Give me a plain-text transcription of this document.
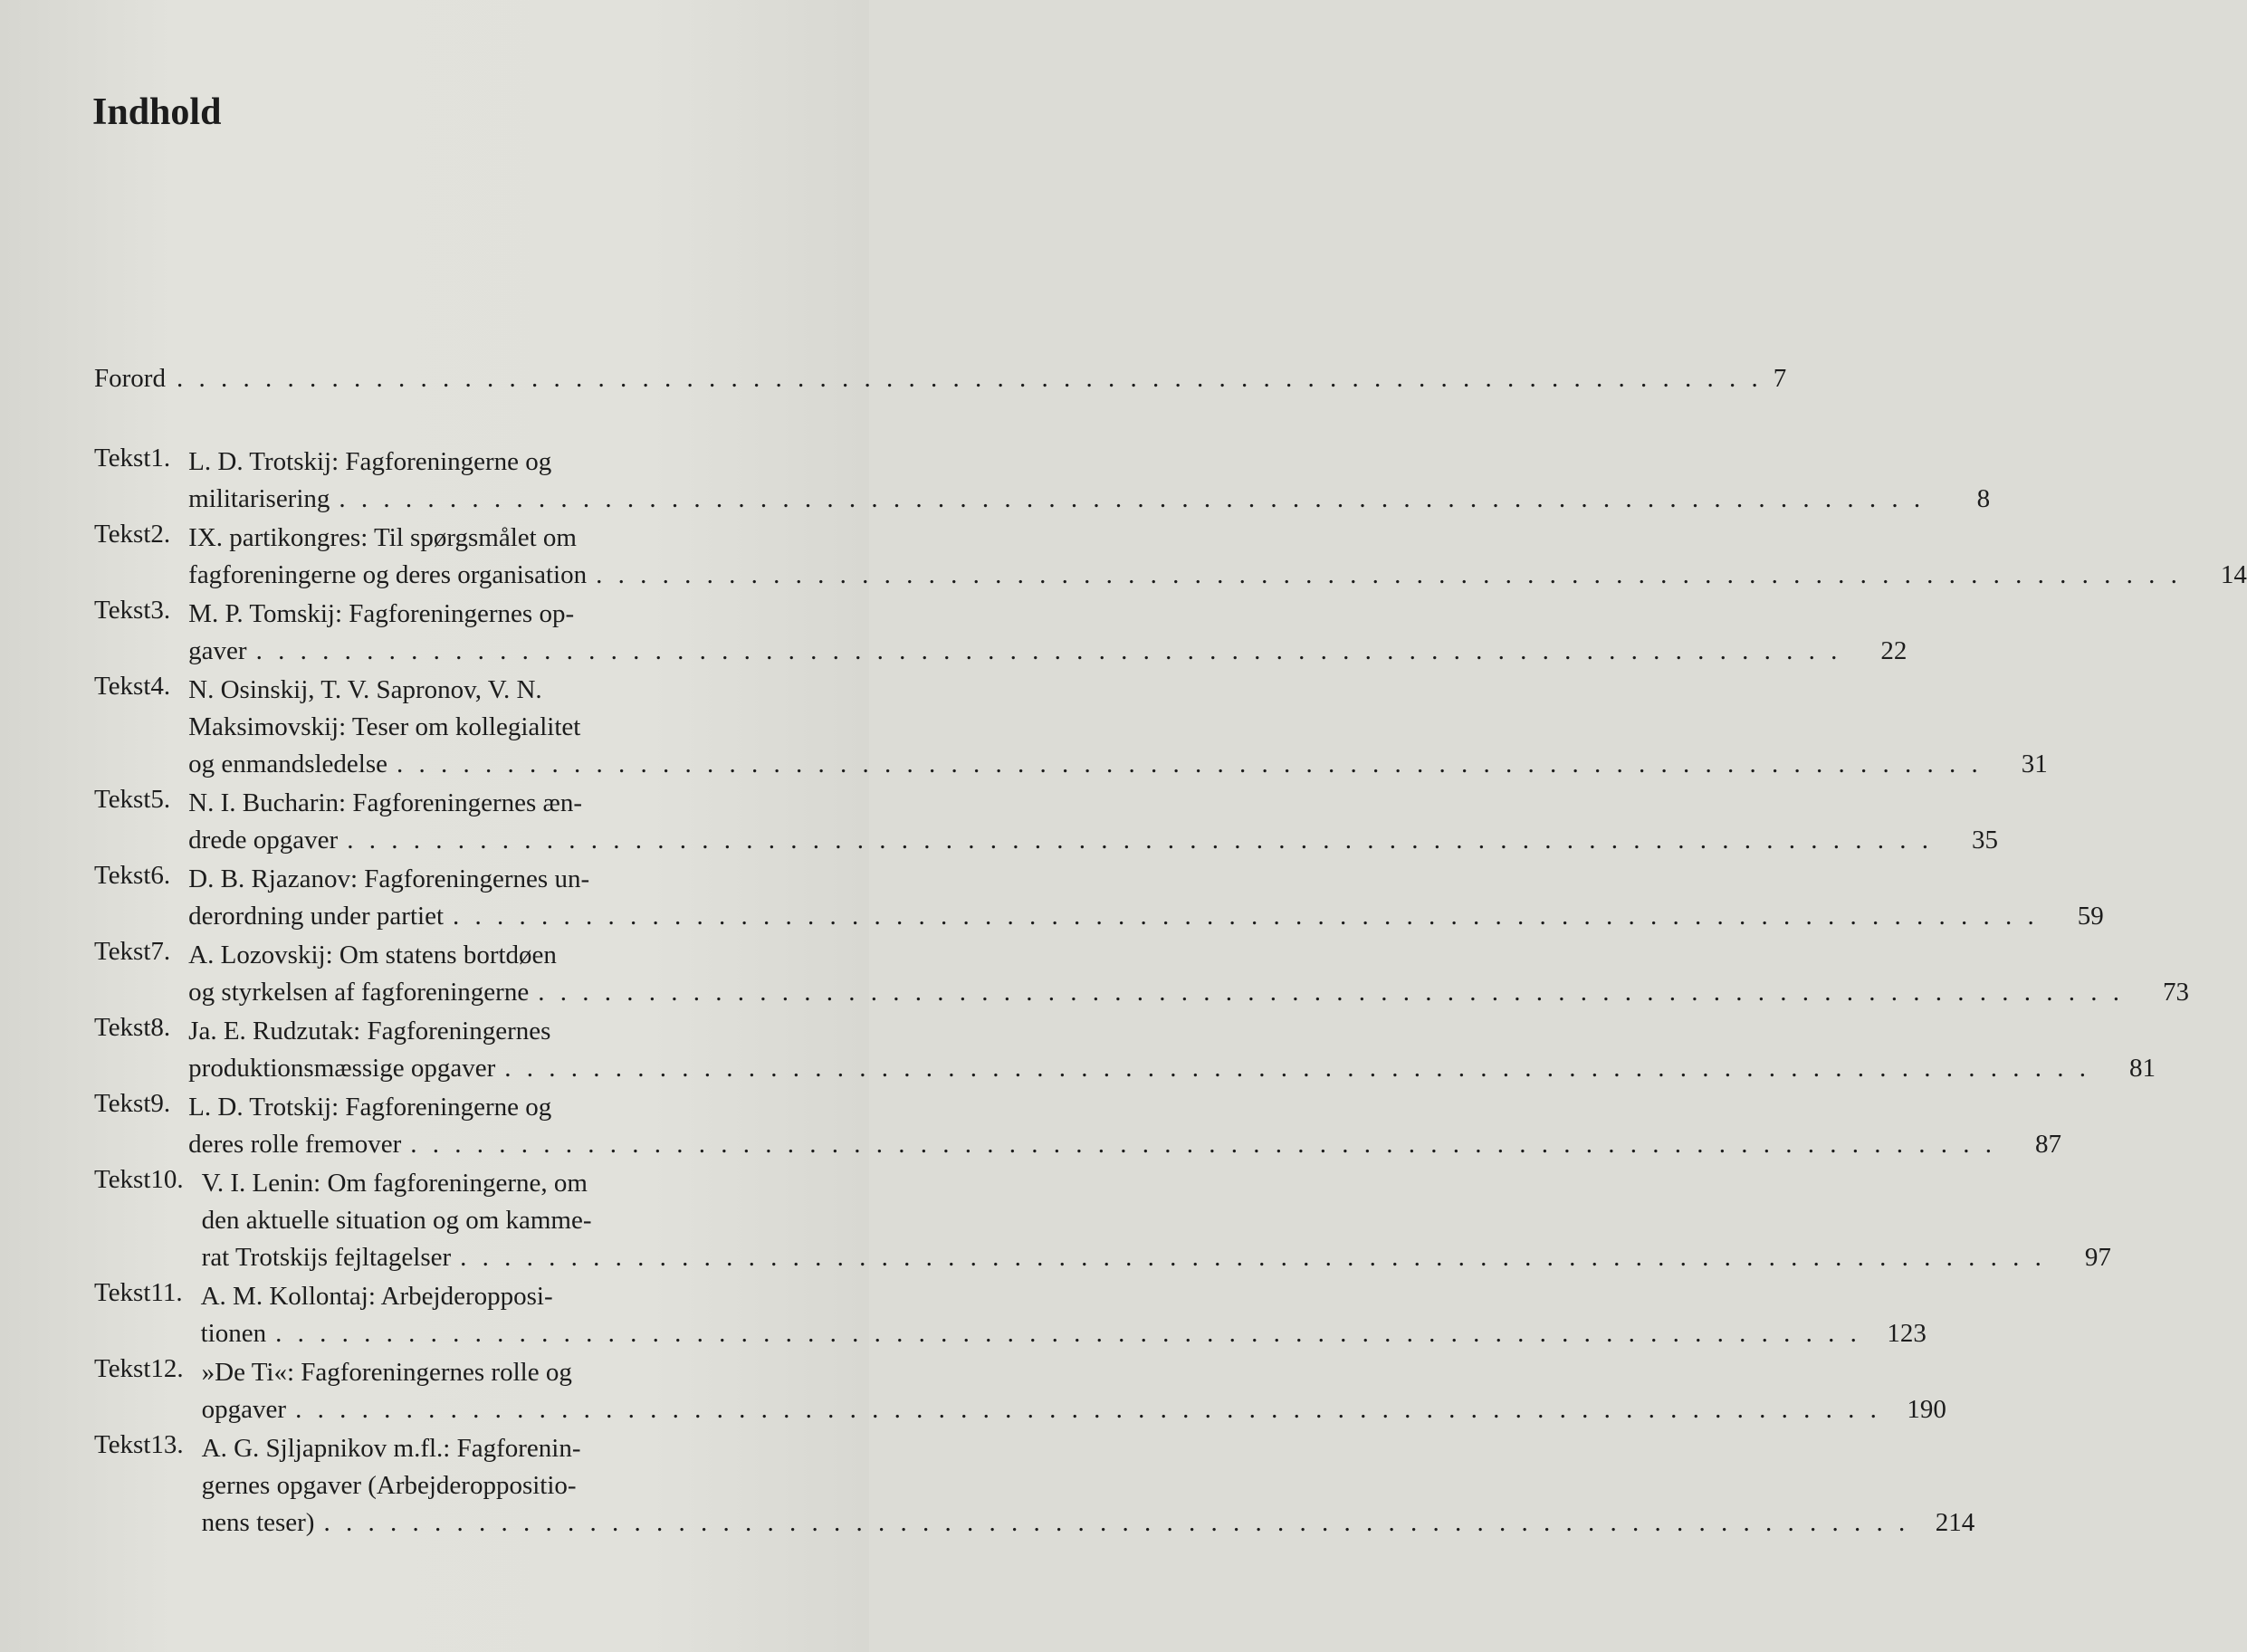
Indhold
Forord . . .	7
Tekst 1. L. D. Trotskij: Fagforeningerne og
militarisering . . .	8
Tekst 2. IX. partikongres: Til spørgsmålet om
fagforeningerne og deres organisation . . .	14
Tekst 3. M. P. Tomskij: Fagforeningernes op-
gaver . . .	22
Tekst 4. N. Osinskij, T. V. Sapronov, V. N.
Maksimovskij: Teser om kollegialitet
og enmandsledelse . . .	31
Tekst 5. N. I. Bucharin: Fagforeningernes æn-
drede opgaver . . .	35
Tekst 6. D. B. Rjazanov: Fagforeningernes un-
derordning under partiet . . .	59
Tekst 7. A. Lozovskij: Om statens bortdøen
og styrkelsen af fagforeningerne . . .	73
Tekst 8. Ja. E. Rudzutak: Fagforeningernes
produktionsmæssige opgaver . . .	81
Tekst 9. L. D. Trotskij: Fagforeningerne og
deres rolle fremover . . .	87
Tekst 10. V. I. Lenin: Om fagforeningerne, om
den aktuelle situation og om kamme-
rat Trotskijs fejltagelser . . .	97
Tekst 11. A. M. Kollontaj: Arbejderopposi-
tionen . . .	123
Tekst 12. »De Ti«: Fagforeningernes rolle og
opgaver . . .	190
Tekst 13. A. G. Sjljapnikov m.fl.: Fagforenin-
gernes opgaver (Arbejderoppositio-
nens teser) . . .	214
